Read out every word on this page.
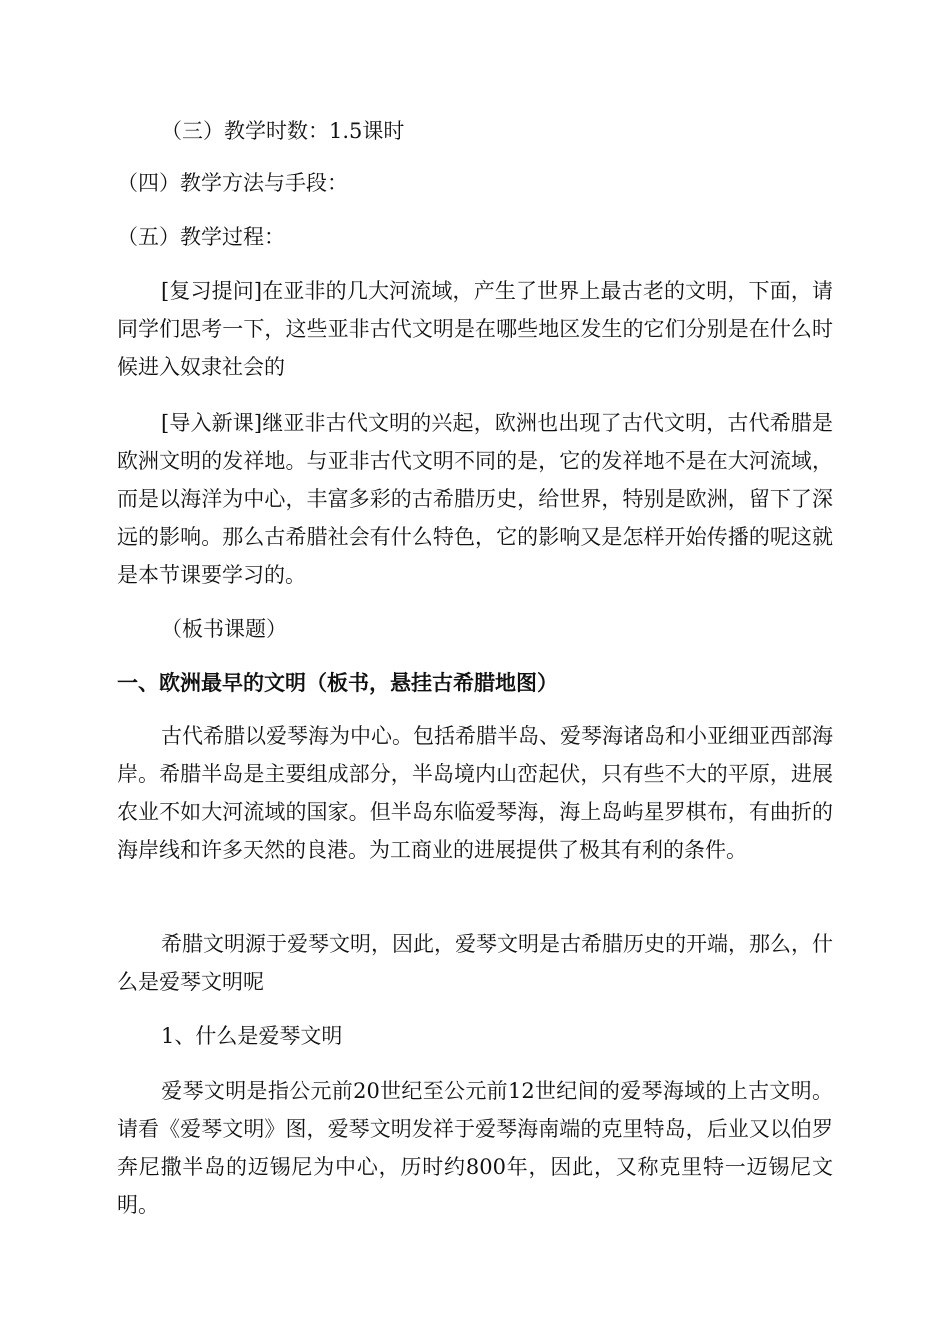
（三）教学时数：1.5课时
（四）教学方法与手段：
（五）教学过程：
[复习提问]在亚非的几大河流域，产生了世界上最古老的文明，下面，请同学们思考一下，这些亚非古代文明是在哪些地区发生的它们分别是在什么时候进入奴隶社会的
[导入新课]继亚非古代文明的兴起，欧洲也出现了古代文明，古代希腊是欧洲文明的发祥地。与亚非古代文明不同的是，它的发祥地不是在大河流域，而是以海洋为中心，丰富多彩的古希腊历史，给世界，特别是欧洲，留下了深远的影响。那么古希腊社会有什么特色，它的影响又是怎样开始传播的呢这就是本节课要学习的。
（板书课题）
一、欧洲最早的文明（板书，悬挂古希腊地图）
古代希腊以爱琴海为中心。包括希腊半岛、爱琴海诸岛和小亚细亚西部海岸。希腊半岛是主要组成部分，半岛境内山峦起伏，只有些不大的平原，进展农业不如大河流域的国家。但半岛东临爱琴海，海上岛屿星罗棋布，有曲折的海岸线和许多天然的良港。为工商业的进展提供了极其有利的条件。
希腊文明源于爱琴文明，因此，爱琴文明是古希腊历史的开端，那么，什么是爱琴文明呢
1、什么是爱琴文明
爱琴文明是指公元前20世纪至公元前12世纪间的爱琴海域的上古文明。请看《爱琴文明》图，爱琴文明发祥于爱琴海南端的克里特岛，后业又以伯罗奔尼撒半岛的迈锡尼为中心，历时约800年，因此，又称克里特一迈锡尼文明。
